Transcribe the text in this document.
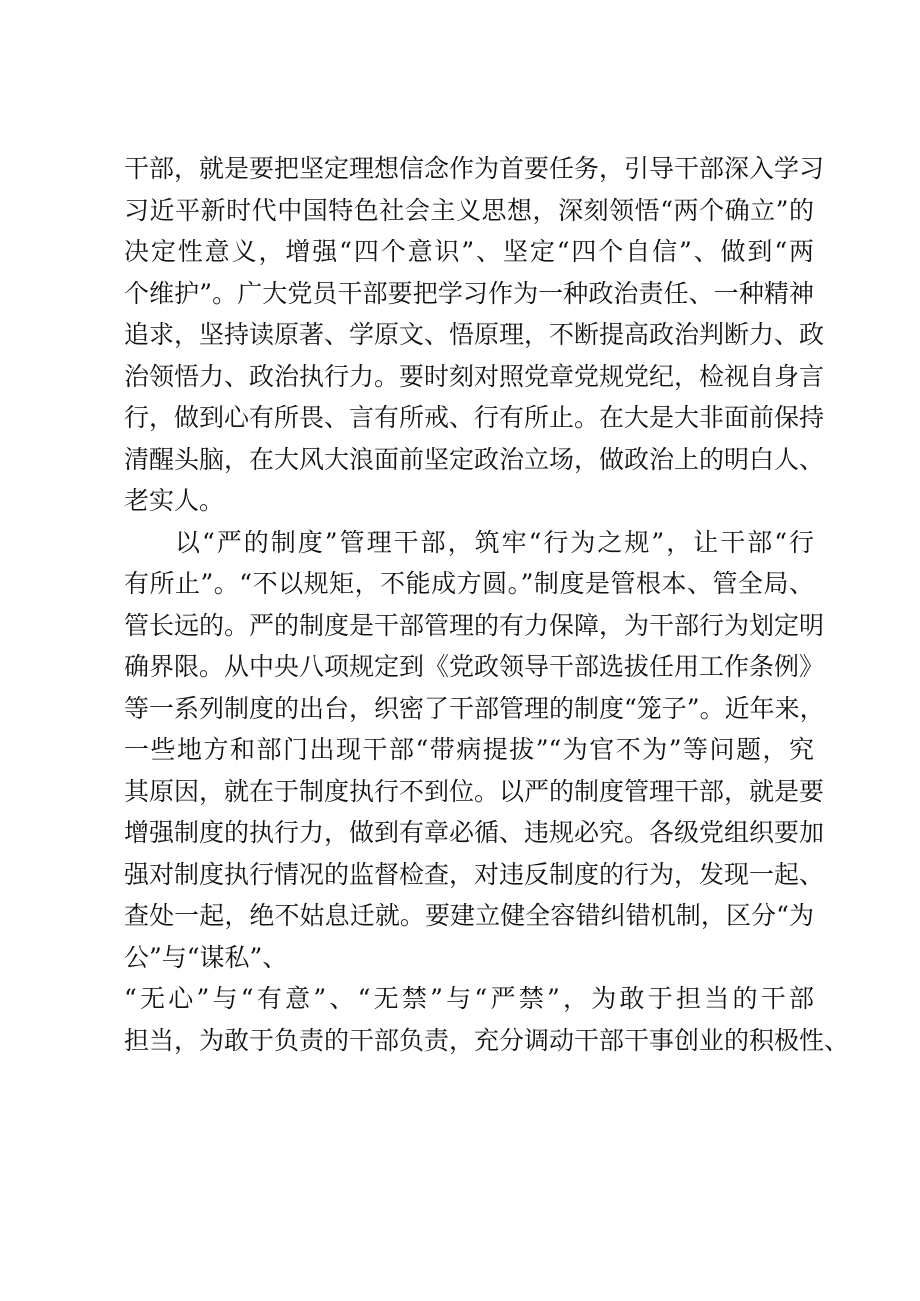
干部，就是要把坚定理想信念作为首要任务，引导干部深入学习
习近平新时代中国特色社会主义思想，深刻领悟“两个确立”的
决定性意义，增强“四个意识”、坚定“四个自信”、做到“两
个维护”。广大党员干部要把学习作为一种政治责任、一种精神
追求，坚持读原著、学原文、悟原理，不断提高政治判断力、政
治领悟力、政治执行力。要时刻对照党章党规党纪，检视自身言
行，做到心有所畏、言有所戒、行有所止。在大是大非面前保持
清醒头脑，在大风大浪面前坚定政治立场，做政治上的明白人、
老实人。
以“严的制度”管理干部，筑牢“行为之规”，让干部“行
有所止”。“不以规矩，不能成方圆。”制度是管根本、管全局、
管长远的。严的制度是干部管理的有力保障，为干部行为划定明
确界限。从中央八项规定到《党政领导干部选拔任用工作条例》
等一系列制度的出台，织密了干部管理的制度“笼子”。近年来，
一些地方和部门出现干部“带病提拔”“为官不为”等问题，究
其原因，就在于制度执行不到位。以严的制度管理干部，就是要
增强制度的执行力，做到有章必循、违规必究。各级党组织要加
强对制度执行情况的监督检查，对违反制度的行为，发现一起、
查处一起，绝不姑息迁就。要建立健全容错纠错机制，区分“为
公”与“谋私”、
“无心”与“有意”、“无禁”与“严禁”，为敢于担当的干部
担当，为敢于负责的干部负责，充分调动干部干事创业的积极性、
